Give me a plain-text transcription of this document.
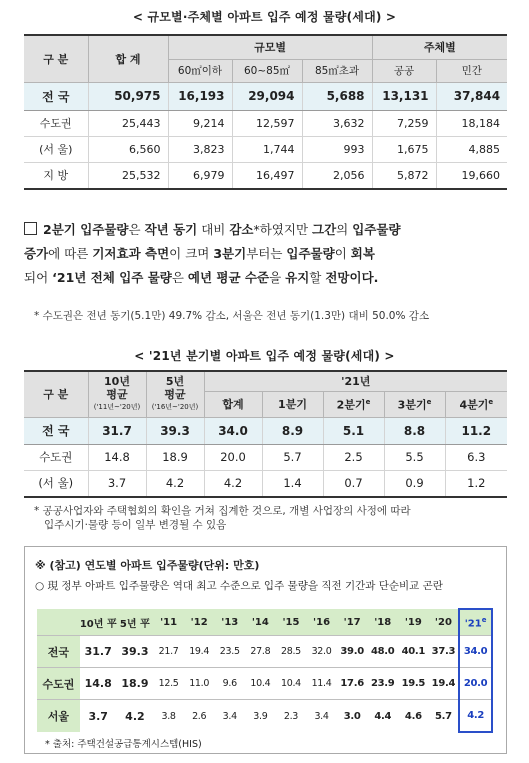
< 규모별·주체별 아파트 입주 예정 물량(세대) >
구 분	합 계	규모별			주체별	
		60㎡이하	60~85㎡	85㎡초과	공공	민간
전 국	50,975	16,193	29,094	5,688	13,131	37,844
수도권	25,443	9,214	12,597	3,632	7,259	18,184
(서 울)	6,560	3,823	1,744	993	1,675	4,885
지 방	25,532	6,979	16,497	2,056	5,872	19,660
2분기 입주물량은 작년 동기 대비 감소*하였지만 그간의 입주물량
증가에 따른 기저효과 측면이 크며 3분기부터는 입주물량이 회복
되어 ‘21년 전체 입주 물량은 예년 평균 수준을 유지할 전망이다.
* 수도권은 전년 동기(5.1만) 49.7% 감소, 서울은 전년 동기(1.3만) 대비 50.0% 감소
< '21년 분기별 아파트 입주 예정 물량(세대) >
구 분	10년
평균
('11년~'20년)	5년
평균
('16년~'20년)	'21년				
			합계	1분기	2분기$^e$	3분기$^e$	4분기$^e$
전 국	31.7	39.3	34.0	8.9	5.1	8.8	11.2
수도권	14.8	18.9	20.0	5.7	2.5	5.5	6.3
(서 울)	3.7	4.2	4.2	1.4	0.7	0.9	1.2
* 공공사업자와 주택협회의 확인을 거쳐 집계한 것으로, 개별 사업장의 사정에 따라
입주시기·물량 등이 일부 변경될 수 있음
※ (참고) 연도별 아파트 입주물량(단위: 만호)
○ 現 정부 아파트 입주물량은 역대 최고 수준으로 입주 물량을 직전 기간과 단순비교 곤란
	10년 平	5년 平	'11	'12	'13	'14	'15	'16	'17	'18	'19	'20	'21e
전국	31.7	39.3	21.7	19.4	23.5	27.8	28.5	32.0	39.0	48.0	40.1	37.3	34.0
수도권	14.8	18.9	12.5	11.0	9.6	10.4	10.4	11.4	17.6	23.9	19.5	19.4	20.0
서울	3.7	4.2	3.8	2.6	3.4	3.9	2.3	3.4	3.0	4.4	4.6	5.7	4.2
* 출처: 주택건설공급통계시스템(HIS)
